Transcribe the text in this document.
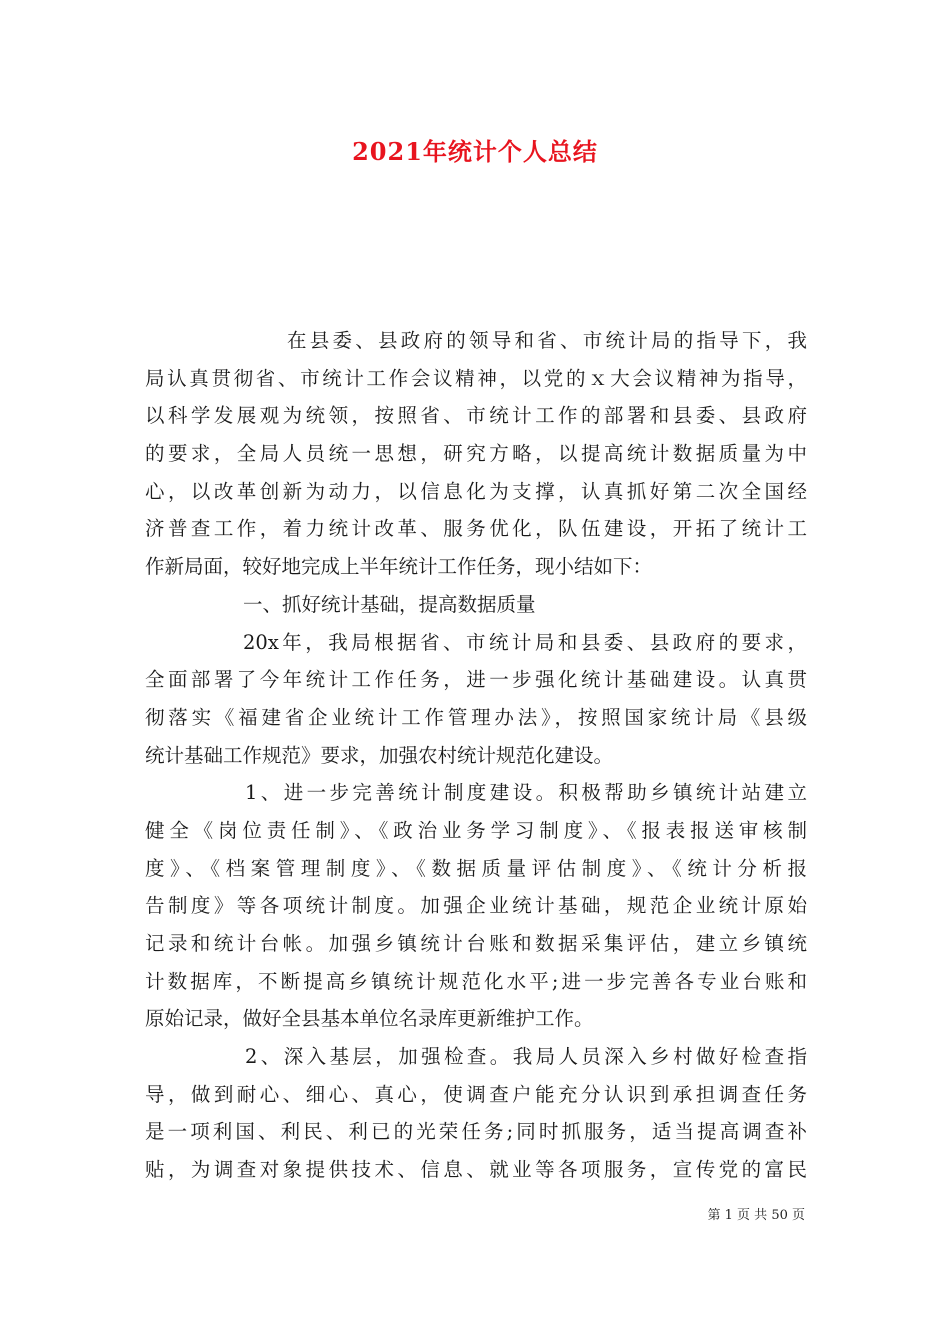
2021年统计个人总结
在县委、县政府的领导和省、市统计局的指导下，我
局认真贯彻省、市统计工作会议精神，以党的ｘ大会议精神为指导，
以科学发展观为统领，按照省、市统计工作的部署和县委、县政府
的要求，全局人员统一思想，研究方略，以提高统计数据质量为中
心，以改革创新为动力，以信息化为支撑，认真抓好第二次全国经
济普查工作，着力统计改革、服务优化，队伍建设，开拓了统计工
作新局面，较好地完成上半年统计工作任务，现小结如下：
一、抓好统计基础，提高数据质量
20x年，我局根据省、市统计局和县委、县政府的要求，
全面部署了今年统计工作任务，进一步强化统计基础建设。认真贯
彻落实《福建省企业统计工作管理办法》，按照国家统计局《县级
统计基础工作规范》要求，加强农村统计规范化建设。
1、进一步完善统计制度建设。积极帮助乡镇统计站建立
健全《岗位责任制》、《政治业务学习制度》、《报表报送审核制
度》、《档案管理制度》、《数据质量评估制度》、《统计分析报
告制度》等各项统计制度。加强企业统计基础，规范企业统计原始
记录和统计台帐。加强乡镇统计台账和数据采集评估，建立乡镇统
计数据库，不断提高乡镇统计规范化水平;进一步完善各专业台账和
原始记录，做好全县基本单位名录库更新维护工作。
2、深入基层，加强检查。我局人员深入乡村做好检查指
导，做到耐心、细心、真心，使调查户能充分认识到承担调查任务
是一项利国、利民、利已的光荣任务;同时抓服务，适当提高调查补
贴，为调查对象提供技术、信息、就业等各项服务，宣传党的富民
第 1 页 共 50 页
